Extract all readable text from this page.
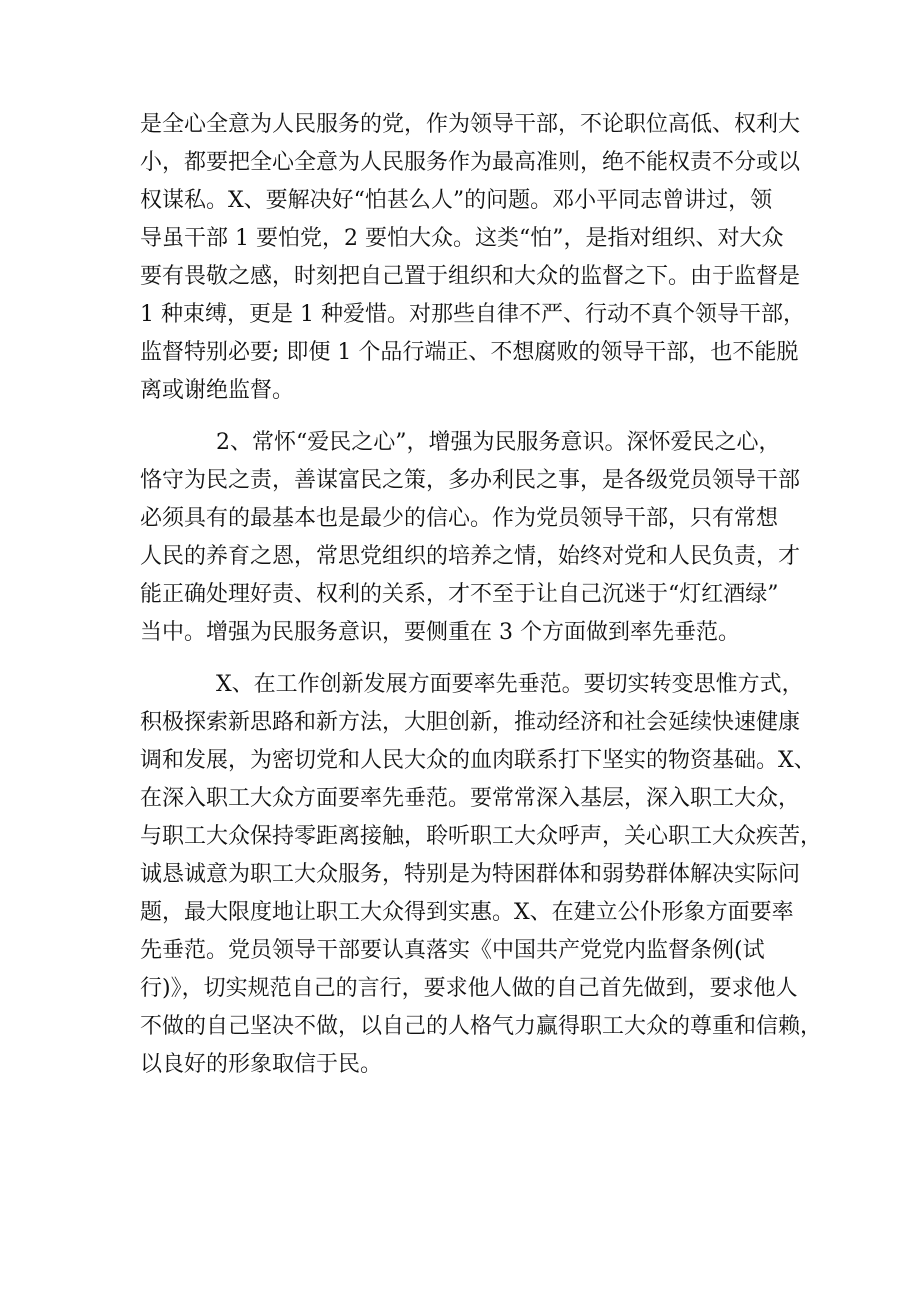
是全心全意为人民服务的党，作为领导干部，不论职位高低、权利大
小，都要把全心全意为人民服务作为最高准则，绝不能权责不分或以
权谋私。X、要解决好“怕甚么人”的问题。邓小平同志曾讲过，领
导虽干部 1 要怕党，2 要怕大众。这类“怕”，是指对组织、对大众
要有畏敬之感，时刻把自己置于组织和大众的监督之下。由于监督是
1 种束缚，更是 1 种爱惜。对那些自律不严、行动不真个领导干部，
监督特别必要; 即便 1 个品行端正、不想腐败的领导干部，也不能脱
离或谢绝监督。
2、常怀“爱民之心”，增强为民服务意识。深怀爱民之心，
恪守为民之责，善谋富民之策，多办利民之事，是各级党员领导干部
必须具有的最基本也是最少的信心。作为党员领导干部，只有常想
人民的养育之恩，常思党组织的培养之情，始终对党和人民负责，才
能正确处理好责、权利的关系，才不至于让自己沉迷于“灯红酒绿”
当中。增强为民服务意识，要侧重在 3 个方面做到率先垂范。
X、在工作创新发展方面要率先垂范。要切实转变思惟方式，
积极探索新思路和新方法，大胆创新，推动经济和社会延续快速健康
调和发展，为密切党和人民大众的血肉联系打下坚实的物资基础。X、
在深入职工大众方面要率先垂范。要常常深入基层，深入职工大众，
与职工大众保持零距离接触，聆听职工大众呼声，关心职工大众疾苦，
诚恳诚意为职工大众服务，特别是为特困群体和弱势群体解决实际问
题，最大限度地让职工大众得到实惠。X、在建立公仆形象方面要率
先垂范。党员领导干部要认真落实《中国共产党党内监督条例(试
行)》，切实规范自己的言行，要求他人做的自己首先做到，要求他人
不做的自己坚决不做，以自己的人格气力赢得职工大众的尊重和信赖，
以良好的形象取信于民。
